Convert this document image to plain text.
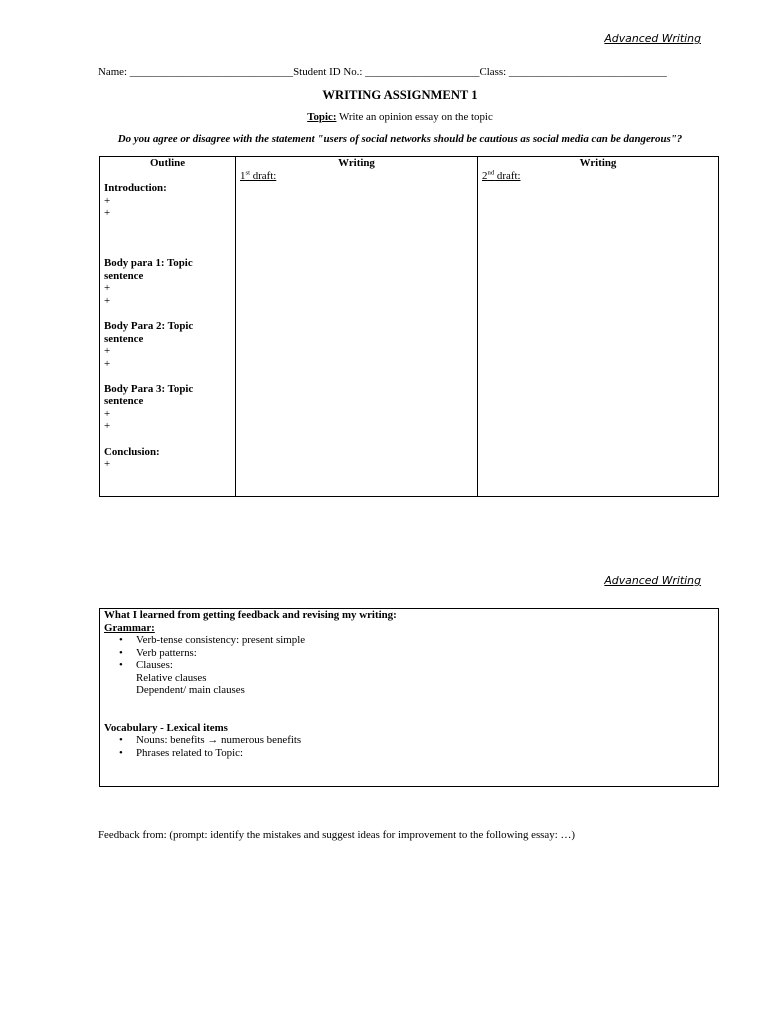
Advanced Writing
Name: ______________________________Student ID No.: _____________________Class: _____________________________
WRITING ASSIGNMENT 1
Topic: Write an opinion essay on the topic
Do you agree or disagree with the statement "users of social networks should be cautious as social media can be dangerous"?
Outline
Introduction:
+
+
Body para 1: Topic sentence
+
+
Body Para 2: Topic sentence
+
+
Body Para 3: Topic sentence
+
+
Conclusion:
+
Writing
1st draft:
Writing
2nd draft:
Advanced Writing
What I learned from getting feedback and revising my writing:
Grammar:
• Verb-tense consistency: present simple
• Verb patterns:
• Clauses:
Relative clauses
Dependent/ main clauses
Vocabulary - Lexical items
• Nouns: benefits → numerous benefits
• Phrases related to Topic:
Feedback from: (prompt: identify the mistakes and suggest ideas for improvement to the following essay: …)
